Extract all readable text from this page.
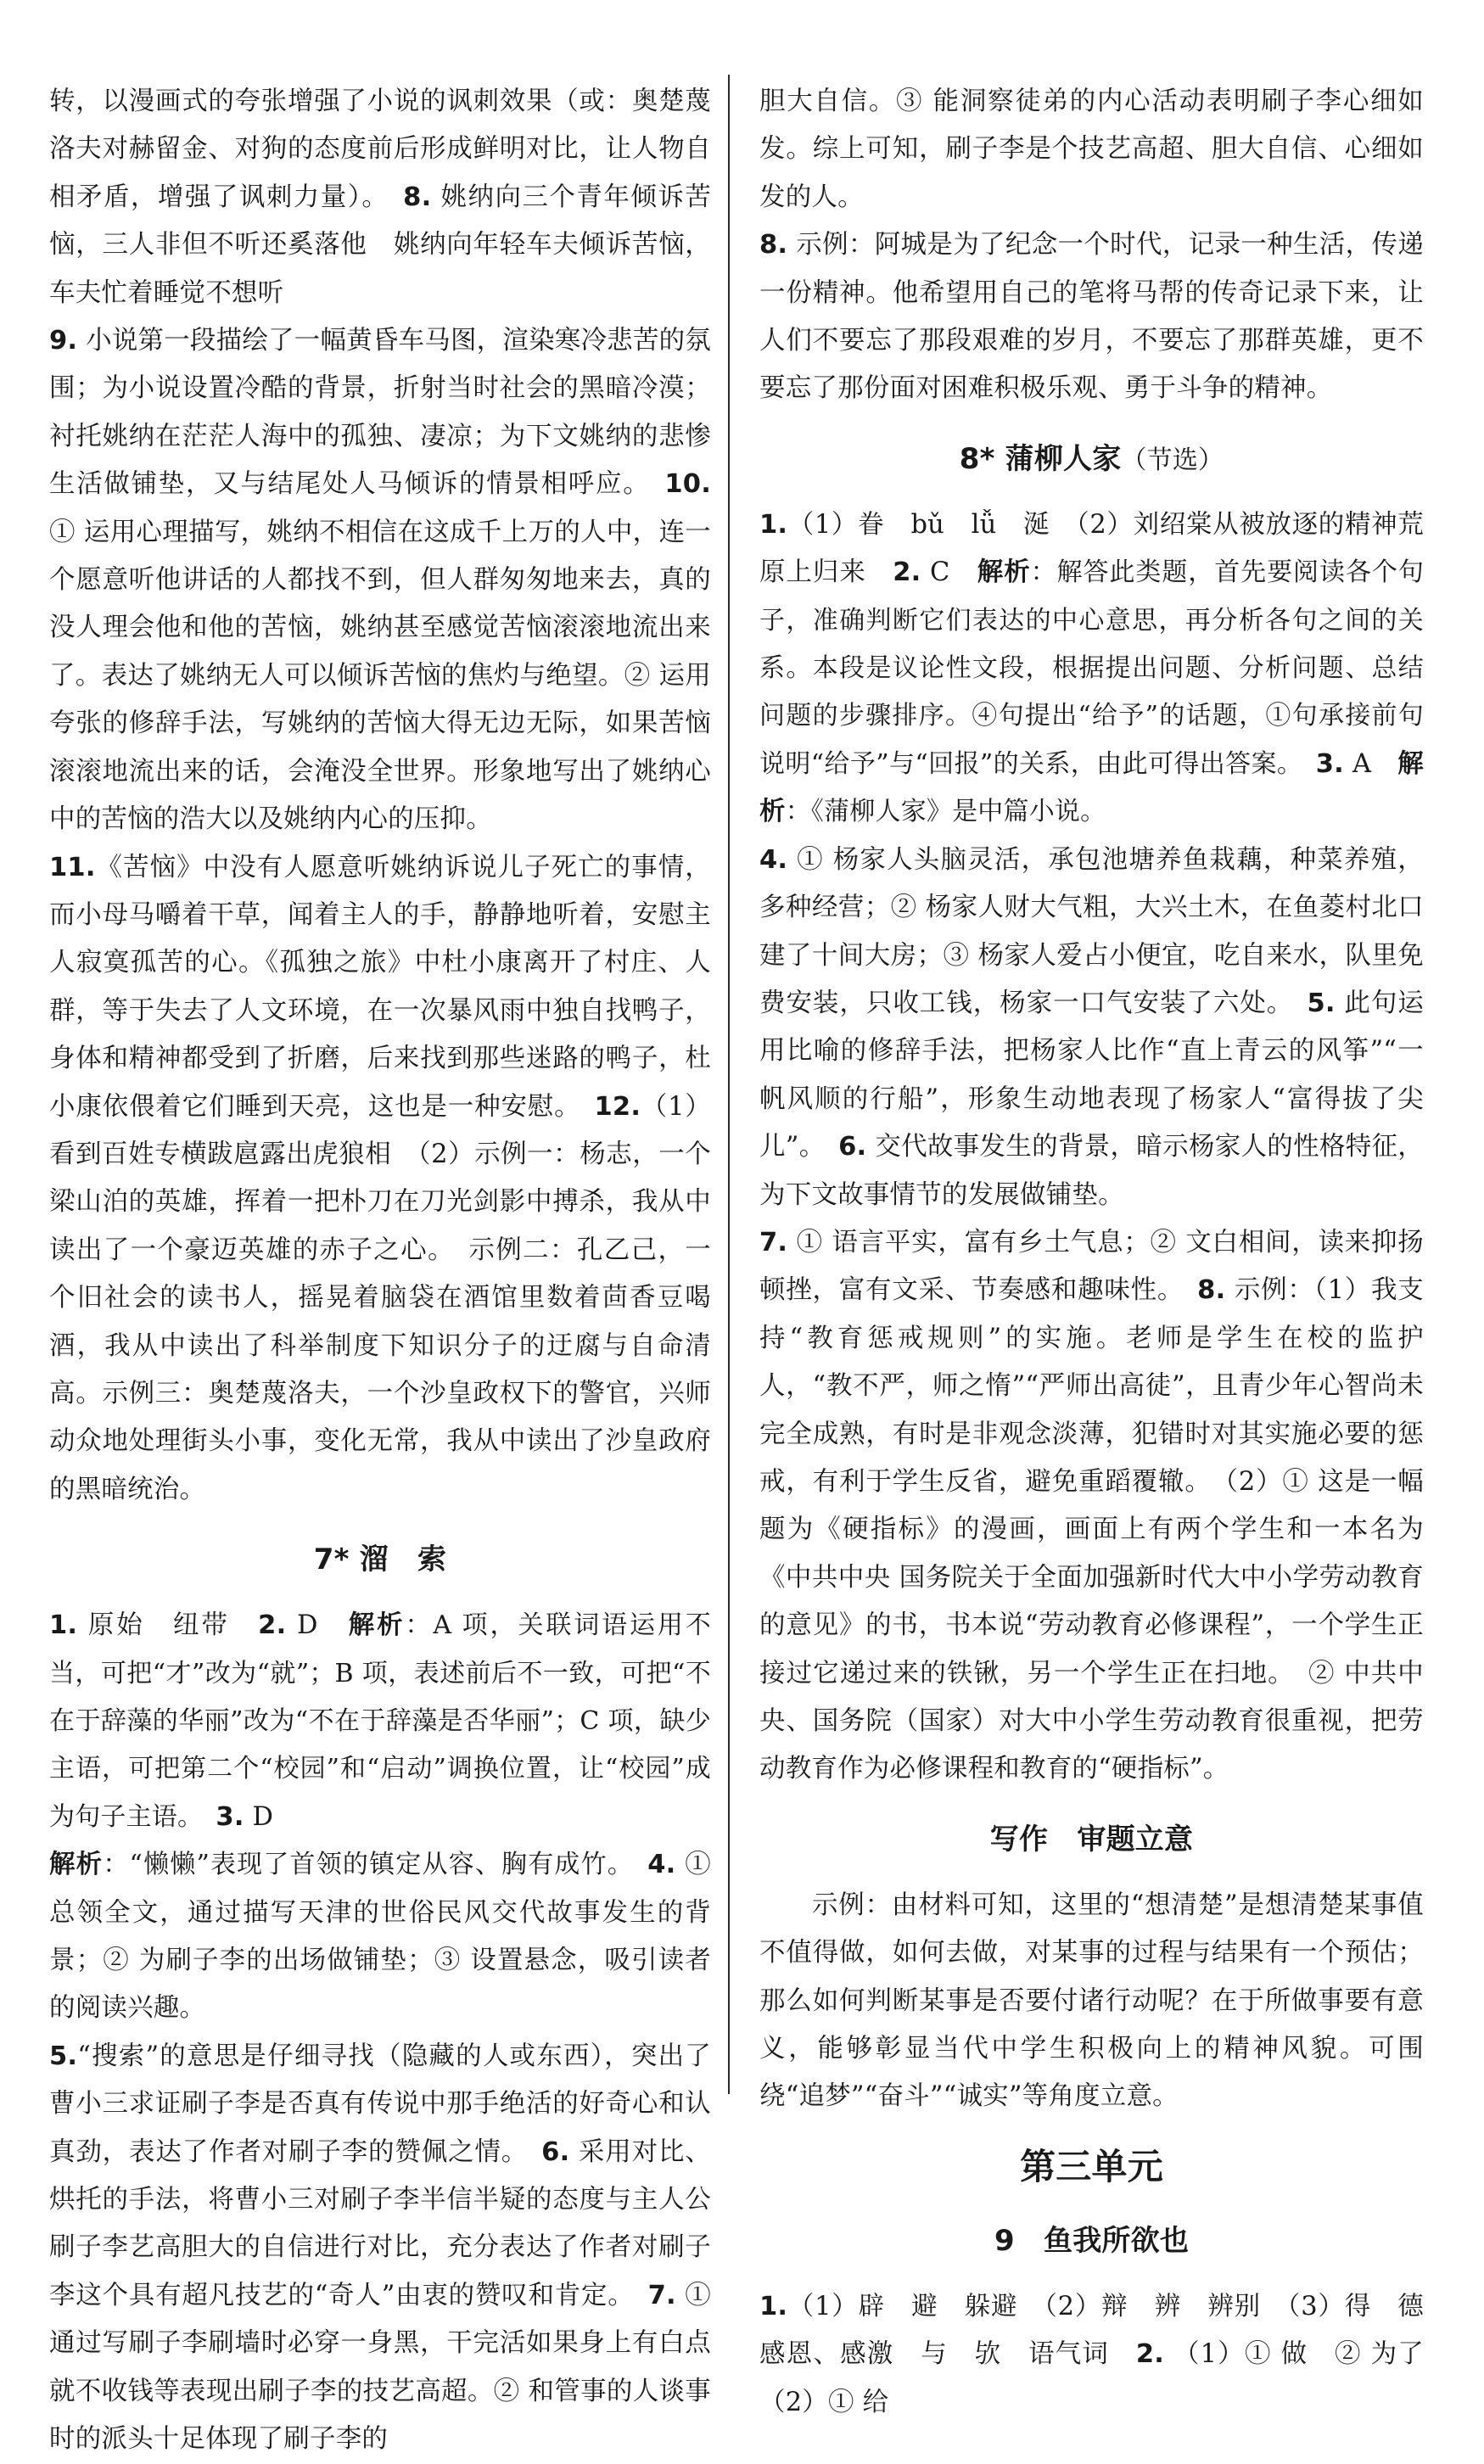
转，以漫画式的夸张增强了小说的讽刺效果（或：奥楚蔑洛夫对赫留金、对狗的态度前后形成鲜明对比，让人物自相矛盾，增强了讽刺力量）。　8. 姚纳向三个青年倾诉苦恼，三人非但不听还奚落他　姚纳向年轻车夫倾诉苦恼，车夫忙着睡觉不想听

9. 小说第一段描绘了一幅黄昏车马图，渲染寒冷悲苦的氛围；为小说设置冷酷的背景，折射当时社会的黑暗冷漠；衬托姚纳在茫茫人海中的孤独、凄凉；为下文姚纳的悲惨生活做铺垫，又与结尾处人马倾诉的情景相呼应。　10. ① 运用心理描写，姚纳不相信在这成千上万的人中，连一个愿意听他讲话的人都找不到，但人群匆匆地来去，真的没人理会他和他的苦恼，姚纳甚至感觉苦恼滚滚地流出来了。表达了姚纳无人可以倾诉苦恼的焦灼与绝望。② 运用夸张的修辞手法，写姚纳的苦恼大得无边无际，如果苦恼滚滚地流出来的话，会淹没全世界。形象地写出了姚纳心中的苦恼的浩大以及姚纳内心的压抑。

11.《苦恼》中没有人愿意听姚纳诉说儿子死亡的事情，而小母马嚼着干草，闻着主人的手，静静地听着，安慰主人寂寞孤苦的心。《孤独之旅》中杜小康离开了村庄、人群，等于失去了人文环境，在一次暴风雨中独自找鸭子，身体和精神都受到了折磨，后来找到那些迷路的鸭子，杜小康依偎着它们睡到天亮，这也是一种安慰。　12.（1）看到百姓专横跋扈露出虎狼相　（2）示例一：杨志，一个梁山泊的英雄，挥着一把朴刀在刀光剑影中搏杀，我从中读出了一个豪迈英雄的赤子之心。　示例二：孔乙己，一个旧社会的读书人，摇晃着脑袋在酒馆里数着茴香豆喝酒，我从中读出了科举制度下知识分子的迂腐与自命清高。示例三：奥楚蔑洛夫，一个沙皇政权下的警官，兴师动众地处理街头小事，变化无常，我从中读出了沙皇政府的黑暗统治。

7* 溜　索

1. 原始　纽带　2. D　解析：A 项，关联词语运用不当，可把“才”改为“就”；B 项，表述前后不一致，可把“不在于辞藻的华丽”改为“不在于辞藻是否华丽”；C 项，缺少主语，可把第二个“校园”和“启动”调换位置，让“校园”成为句子主语。　3. D
解析：“懒懒”表现了首领的镇定从容、胸有成竹。　4. ① 总领全文，通过描写天津的世俗民风交代故事发生的背景；② 为刷子李的出场做铺垫；③ 设置悬念，吸引读者的阅读兴趣。

5.“搜索”的意思是仔细寻找（隐藏的人或东西），突出了曹小三求证刷子李是否真有传说中那手绝活的好奇心和认真劲，表达了作者对刷子李的赞佩之情。　6. 采用对比、烘托的手法，将曹小三对刷子李半信半疑的态度与主人公刷子李艺高胆大的自信进行对比，充分表达了作者对刷子李这个具有超凡技艺的“奇人”由衷的赞叹和肯定。　7. ① 通过写刷子李刷墙时必穿一身黑，干完活如果身上有白点就不收钱等表现出刷子李的技艺高超。② 和管事的人谈事时的派头十足体现了刷子李的

胆大自信。③ 能洞察徒弟的内心活动表明刷子李心细如发。综上可知，刷子李是个技艺高超、胆大自信、心细如发的人。

8. 示例：阿城是为了纪念一个时代，记录一种生活，传递一份精神。他希望用自己的笔将马帮的传奇记录下来，让人们不要忘了那段艰难的岁月，不要忘了那群英雄，更不要忘了那份面对困难积极乐观、勇于斗争的精神。

8* 蒲柳人家（节选）

1.（1）眷　bǔ　lǚ　涎　（2）刘绍棠从被放逐的精神荒原上归来　2. C　解析：解答此类题，首先要阅读各个句子，准确判断它们表达的中心意思，再分析各句之间的关系。本段是议论性文段，根据提出问题、分析问题、总结问题的步骤排序。④句提出“给予”的话题，①句承接前句说明“给予”与“回报”的关系，由此可得出答案。　3. A　解析：《蒲柳人家》是中篇小说。

4. ① 杨家人头脑灵活，承包池塘养鱼栽藕，种菜养殖，多种经营；② 杨家人财大气粗，大兴土木，在鱼菱村北口建了十间大房；③ 杨家人爱占小便宜，吃自来水，队里免费安装，只收工钱，杨家一口气安装了六处。　5. 此句运用比喻的修辞手法，把杨家人比作“直上青云的风筝”“一帆风顺的行船”，形象生动地表现了杨家人“富得拔了尖儿”。　6. 交代故事发生的背景，暗示杨家人的性格特征，为下文故事情节的发展做铺垫。

7. ① 语言平实，富有乡土气息；② 文白相间，读来抑扬顿挫，富有文采、节奏感和趣味性。　8. 示例：（1）我支持“教育惩戒规则”的实施。老师是学生在校的监护人，“教不严，师之惰”“严师出高徒”，且青少年心智尚未完全成熟，有时是非观念淡薄，犯错时对其实施必要的惩戒，有利于学生反省，避免重蹈覆辙。　（2）① 这是一幅题为《硬指标》的漫画，画面上有两个学生和一本名为《中共中央 国务院关于全面加强新时代大中小学劳动教育的意见》的书，书本说“劳动教育必修课程”，一个学生正接过它递过来的铁锹，另一个学生正在扫地。　② 中共中央、国务院（国家）对大中小学生劳动教育很重视，把劳动教育作为必修课程和教育的“硬指标”。

写作　审题立意

示例：由材料可知，这里的“想清楚”是想清楚某事值不值得做，如何去做，对某事的过程与结果有一个预估；那么如何判断某事是否要付诸行动呢？在于所做事要有意义，能够彰显当代中学生积极向上的精神风貌。可围绕“追梦”“奋斗”“诚实”等角度立意。

第三单元
9　鱼我所欲也

1.（1）辟　避　躲避　（2）辩　辨　辨别　（3）得　德　感恩、感激　与　欤　语气词　2. （1）① 做　② 为了　（2）① 给
